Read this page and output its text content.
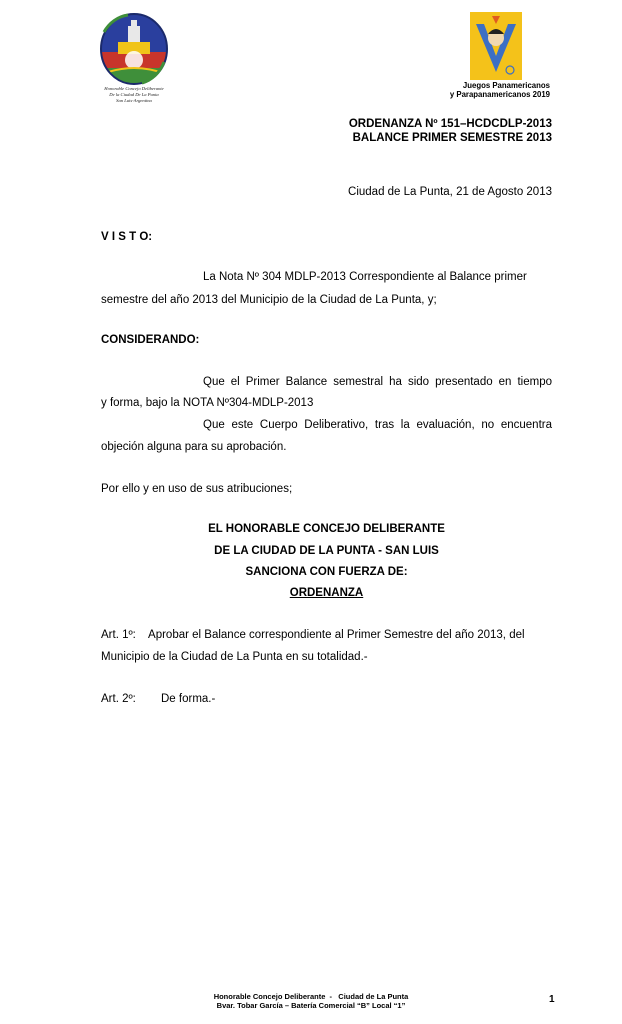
Honorable Concejo Deliberante
De la Ciudad De La Punta
San Luis-Argentina
Juegos Panamericanos
y Parapanamericanos 2019
ORDENANZA Nº 151–HCDCDLP-2013
BALANCE PRIMER SEMESTRE 2013
Ciudad de La Punta, 21 de Agosto 2013
V I S T O:
La Nota Nº 304 MDLP-2013 Correspondiente al Balance primer
semestre del año 2013 del Municipio de la Ciudad de La Punta, y;
CONSIDERANDO:
Que el Primer Balance semestral ha sido presentado en tiempo
y forma, bajo la NOTA Nº304-MDLP-2013
Que este Cuerpo Deliberativo, tras la evaluación, no encuentra
objeción alguna para su aprobación.
Por ello y en uso de sus atribuciones;
EL HONORABLE CONCEJO DELIBERANTE
DE LA CIUDAD DE LA PUNTA - SAN LUIS
SANCIONA CON FUERZA DE:
ORDENANZA
Art. 1º:    Aprobar el Balance correspondiente al Primer Semestre del año 2013, del
Municipio de la Ciudad de La Punta en su totalidad.-
Art. 2º: De forma.-
Honorable Concejo Deliberante  -   Ciudad de La Punta
Bvar. Tobar García – Batería Comercial “B” Local “1”
1
